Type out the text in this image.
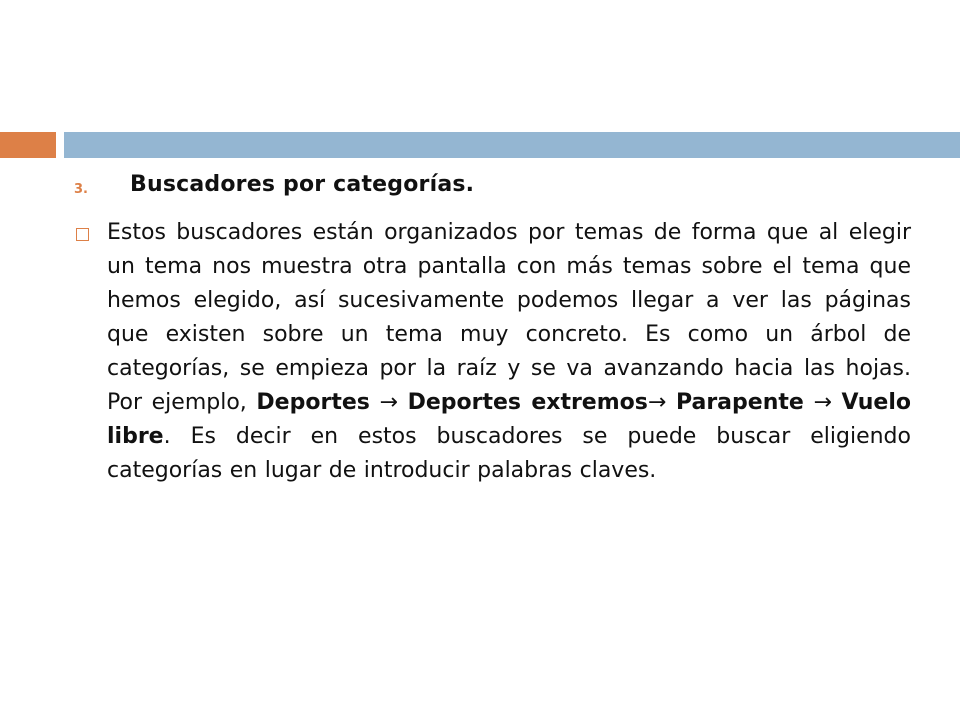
3. Buscadores por categorías.
Estos buscadores están organizados por temas de forma que al elegir un tema nos muestra otra pantalla con más temas sobre el tema que hemos elegido, así sucesivamente podemos llegar a ver las páginas que existen sobre un tema muy concreto. Es como un árbol de categorías, se empieza por la raíz y se va avanzando hacia las hojas. Por ejemplo, Deportes → Deportes extremos→ Parapente → Vuelo libre. Es decir en estos buscadores se puede buscar eligiendo categorías en lugar de introducir palabras claves.
